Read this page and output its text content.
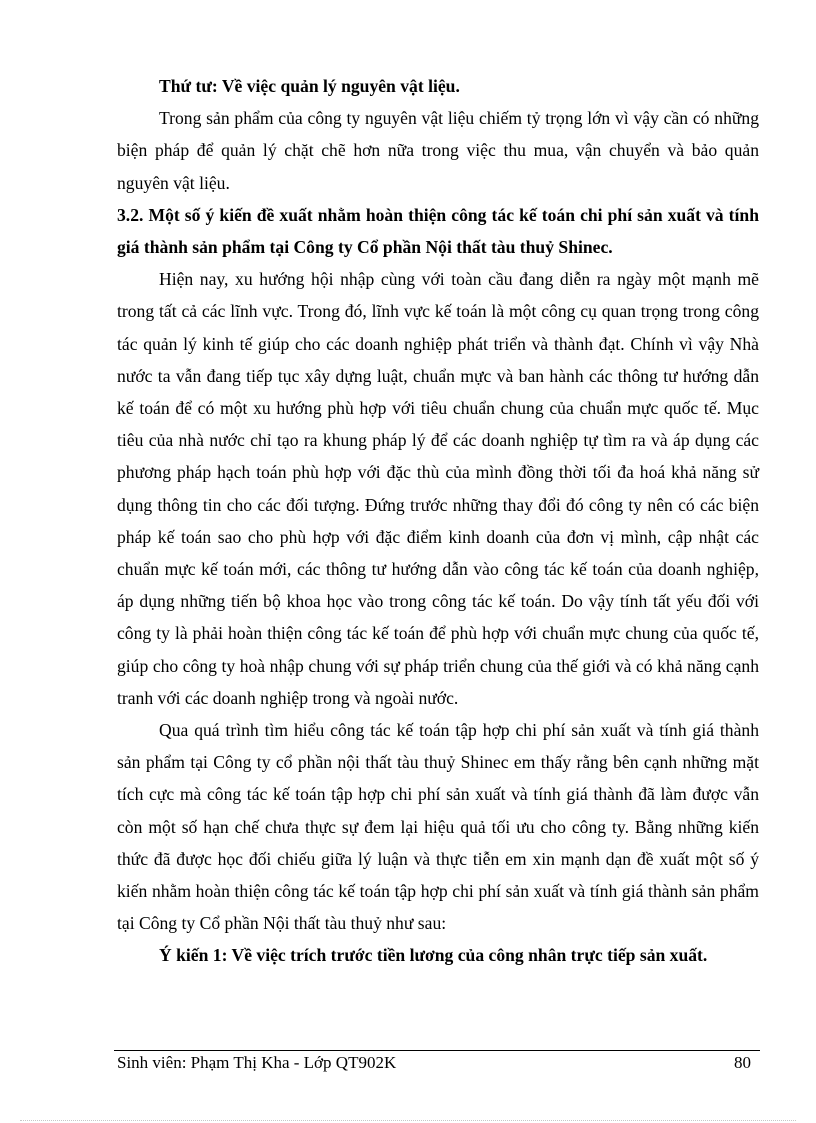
Thứ tư: Về việc quản lý nguyên vật liệu.

Trong sản phẩm của công ty nguyên vật liệu chiếm tỷ trọng lớn vì vậy cần có những biện pháp để quản lý chặt chẽ hơn nữa trong việc thu mua, vận chuyển và bảo quản nguyên vật liệu.

3.2. Một số ý kiến đề xuất nhằm hoàn thiện công tác kế toán chi phí sản xuất và tính giá thành sản phẩm tại Công ty Cổ phần Nội thất tàu thuỷ Shinec.

Hiện nay, xu hướng hội nhập cùng với toàn cầu đang diễn ra ngày một mạnh mẽ trong tất cả các lĩnh vực. Trong đó, lĩnh vực kế toán là một công cụ quan trọng trong công tác quản lý kinh tế giúp cho các doanh nghiệp phát triển và thành đạt. Chính vì vậy Nhà nước ta vẫn đang tiếp tục xây dựng luật, chuẩn mực và ban hành các thông tư hướng dẫn kế toán để có một xu hướng phù hợp với tiêu chuẩn chung của chuẩn mực quốc tế. Mục tiêu của nhà nước chỉ tạo ra khung pháp lý để các doanh nghiệp tự tìm ra và áp dụng các phương pháp hạch toán phù hợp với đặc thù của mình đồng thời tối đa hoá khả năng sử dụng thông tin cho các đối tượng. Đứng trước những thay đổi đó công ty nên có các biện pháp kế toán sao cho phù hợp với đặc điểm kinh doanh của đơn vị mình, cập nhật các chuẩn mực kế toán mới, các thông tư hướng dẫn vào công tác kế toán của doanh nghiệp, áp dụng những tiến bộ khoa học vào trong công tác kế toán. Do vậy tính tất yếu đối với công ty là phải hoàn thiện công tác kế toán để phù hợp với chuẩn mực chung của quốc tế, giúp cho công ty hoà nhập chung với sự pháp triển chung của thế giới và có khả năng cạnh tranh với các doanh nghiệp trong và ngoài nước.

Qua quá trình tìm hiểu công tác kế toán tập hợp chi phí sản xuất và tính giá thành sản phẩm tại Công ty cổ phần nội thất tàu thuỷ Shinec em thấy rằng bên cạnh những mặt tích cực mà công tác kế toán tập hợp chi phí sản xuất và tính giá thành đã làm được vẫn còn một số hạn chế chưa thực sự đem lại hiệu quả tối ưu cho công ty. Bằng những kiến thức đã được học đối chiếu giữa lý luận và thực tiễn em xin mạnh dạn đề xuất một số ý kiến nhằm hoàn thiện công tác kế toán tập hợp chi phí sản xuất và tính giá thành sản phẩm tại Công ty Cổ phần Nội thất tàu thuỷ như sau:

Ý kiến 1: Về việc trích trước tiền lương của công nhân trực tiếp sản xuất.

Sinh viên: Phạm Thị Kha - Lớp QT902K	80
